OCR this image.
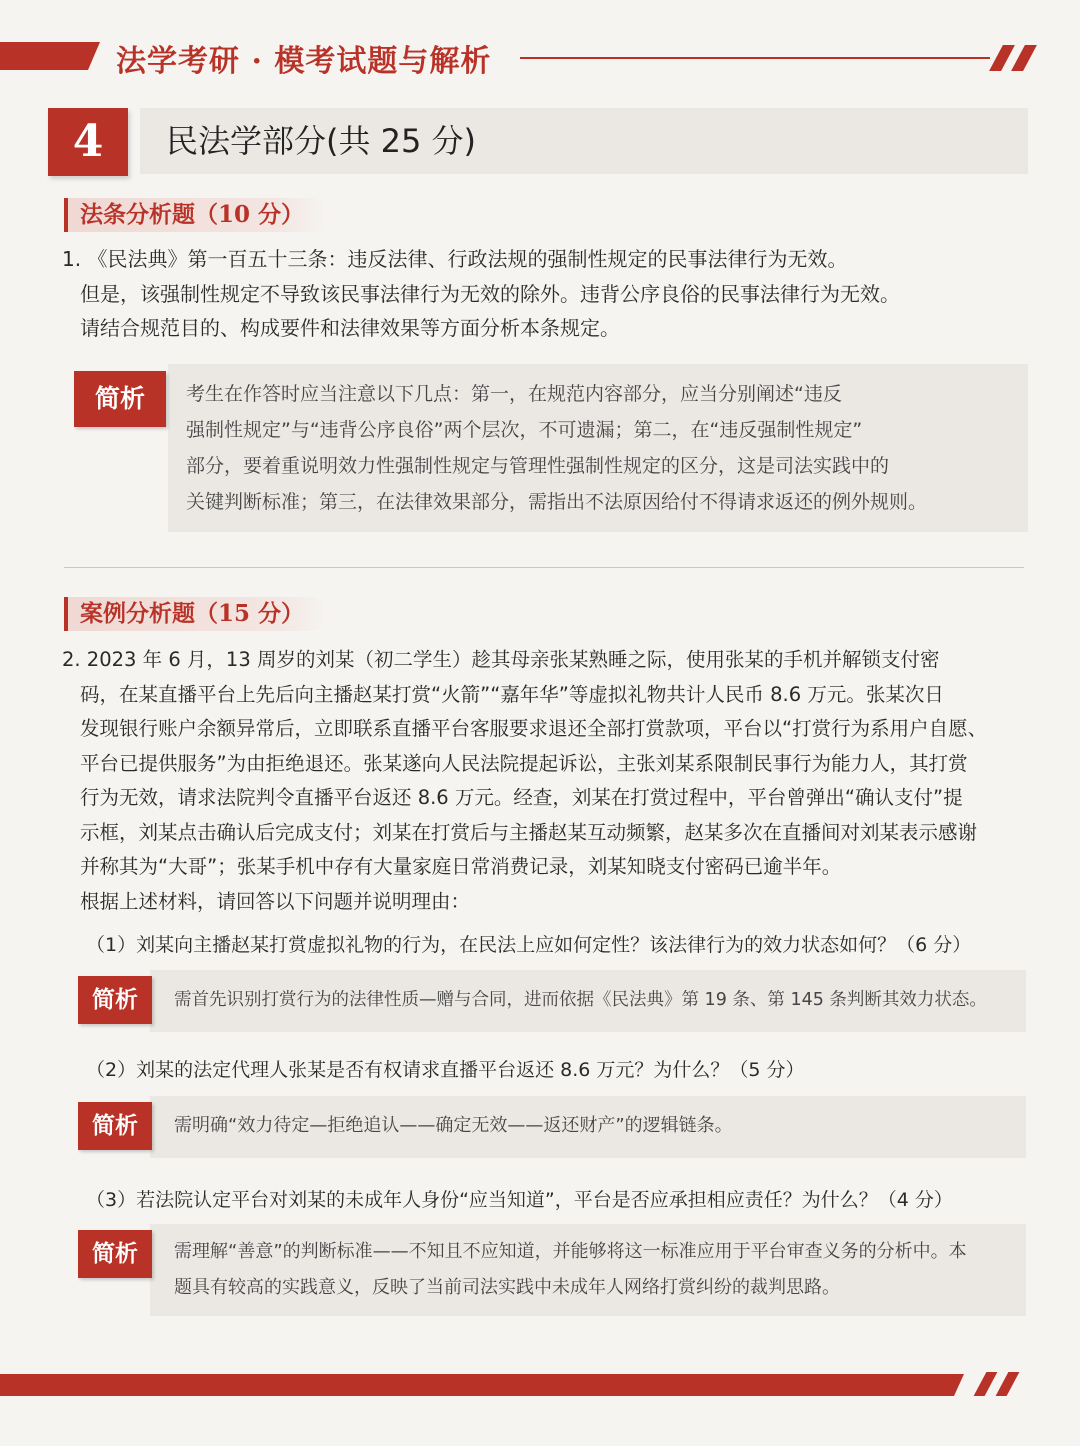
法学考研 · 模考试题与解析
4	民法学部分(共 25 分)
法条分析题（10 分）
1. 《民法典》第一百五十三条：违反法律、行政法规的强制性规定的民事法律行为无效。
但是，该强制性规定不导致该民事法律行为无效的除外。违背公序良俗的民事法律行为无效。
请结合规范目的、构成要件和法律效果等方面分析本条规定。
简析	考生在作答时应当注意以下几点：第一，在规范内容部分，应当分别阐述“违反
强制性规定”与“违背公序良俗”两个层次，不可遗漏；第二，在“违反强制性规定”
部分，要着重说明效力性强制性规定与管理性强制性规定的区分，这是司法实践中的
关键判断标准；第三，在法律效果部分，需指出不法原因给付不得请求返还的例外规则。
案例分析题（15 分）
2. 2023 年 6 月，13 周岁的刘某（初二学生）趁其母亲张某熟睡之际，使用张某的手机并解锁支付密
码，在某直播平台上先后向主播赵某打赏“火箭”“嘉年华”等虚拟礼物共计人民币 8.6 万元。张某次日
发现银行账户余额异常后，立即联系直播平台客服要求退还全部打赏款项，平台以“打赏行为系用户自愿、
平台已提供服务”为由拒绝退还。张某遂向人民法院提起诉讼，主张刘某系限制民事行为能力人，其打赏
行为无效，请求法院判令直播平台返还 8.6 万元。经查，刘某在打赏过程中，平台曾弹出“确认支付”提
示框，刘某点击确认后完成支付；刘某在打赏后与主播赵某互动频繁，赵某多次在直播间对刘某表示感谢
并称其为“大哥”；张某手机中存有大量家庭日常消费记录，刘某知晓支付密码已逾半年。
根据上述材料，请回答以下问题并说明理由：
（1）刘某向主播赵某打赏虚拟礼物的行为，在民法上应如何定性？该法律行为的效力状态如何？（6 分）
简析	需首先识别打赏行为的法律性质—赠与合同，进而依据《民法典》第 19 条、第 145 条判断其效力状态。
（2）刘某的法定代理人张某是否有权请求直播平台返还 8.6 万元？为什么？（5 分）
简析	需明确“效力待定—拒绝追认——确定无效——返还财产”的逻辑链条。
（3）若法院认定平台对刘某的未成年人身份“应当知道”，平台是否应承担相应责任？为什么？（4 分）
简析	需理解“善意”的判断标准——不知且不应知道，并能够将这一标准应用于平台审查义务的分析中。本
题具有较高的实践意义，反映了当前司法实践中未成年人网络打赏纠纷的裁判思路。
